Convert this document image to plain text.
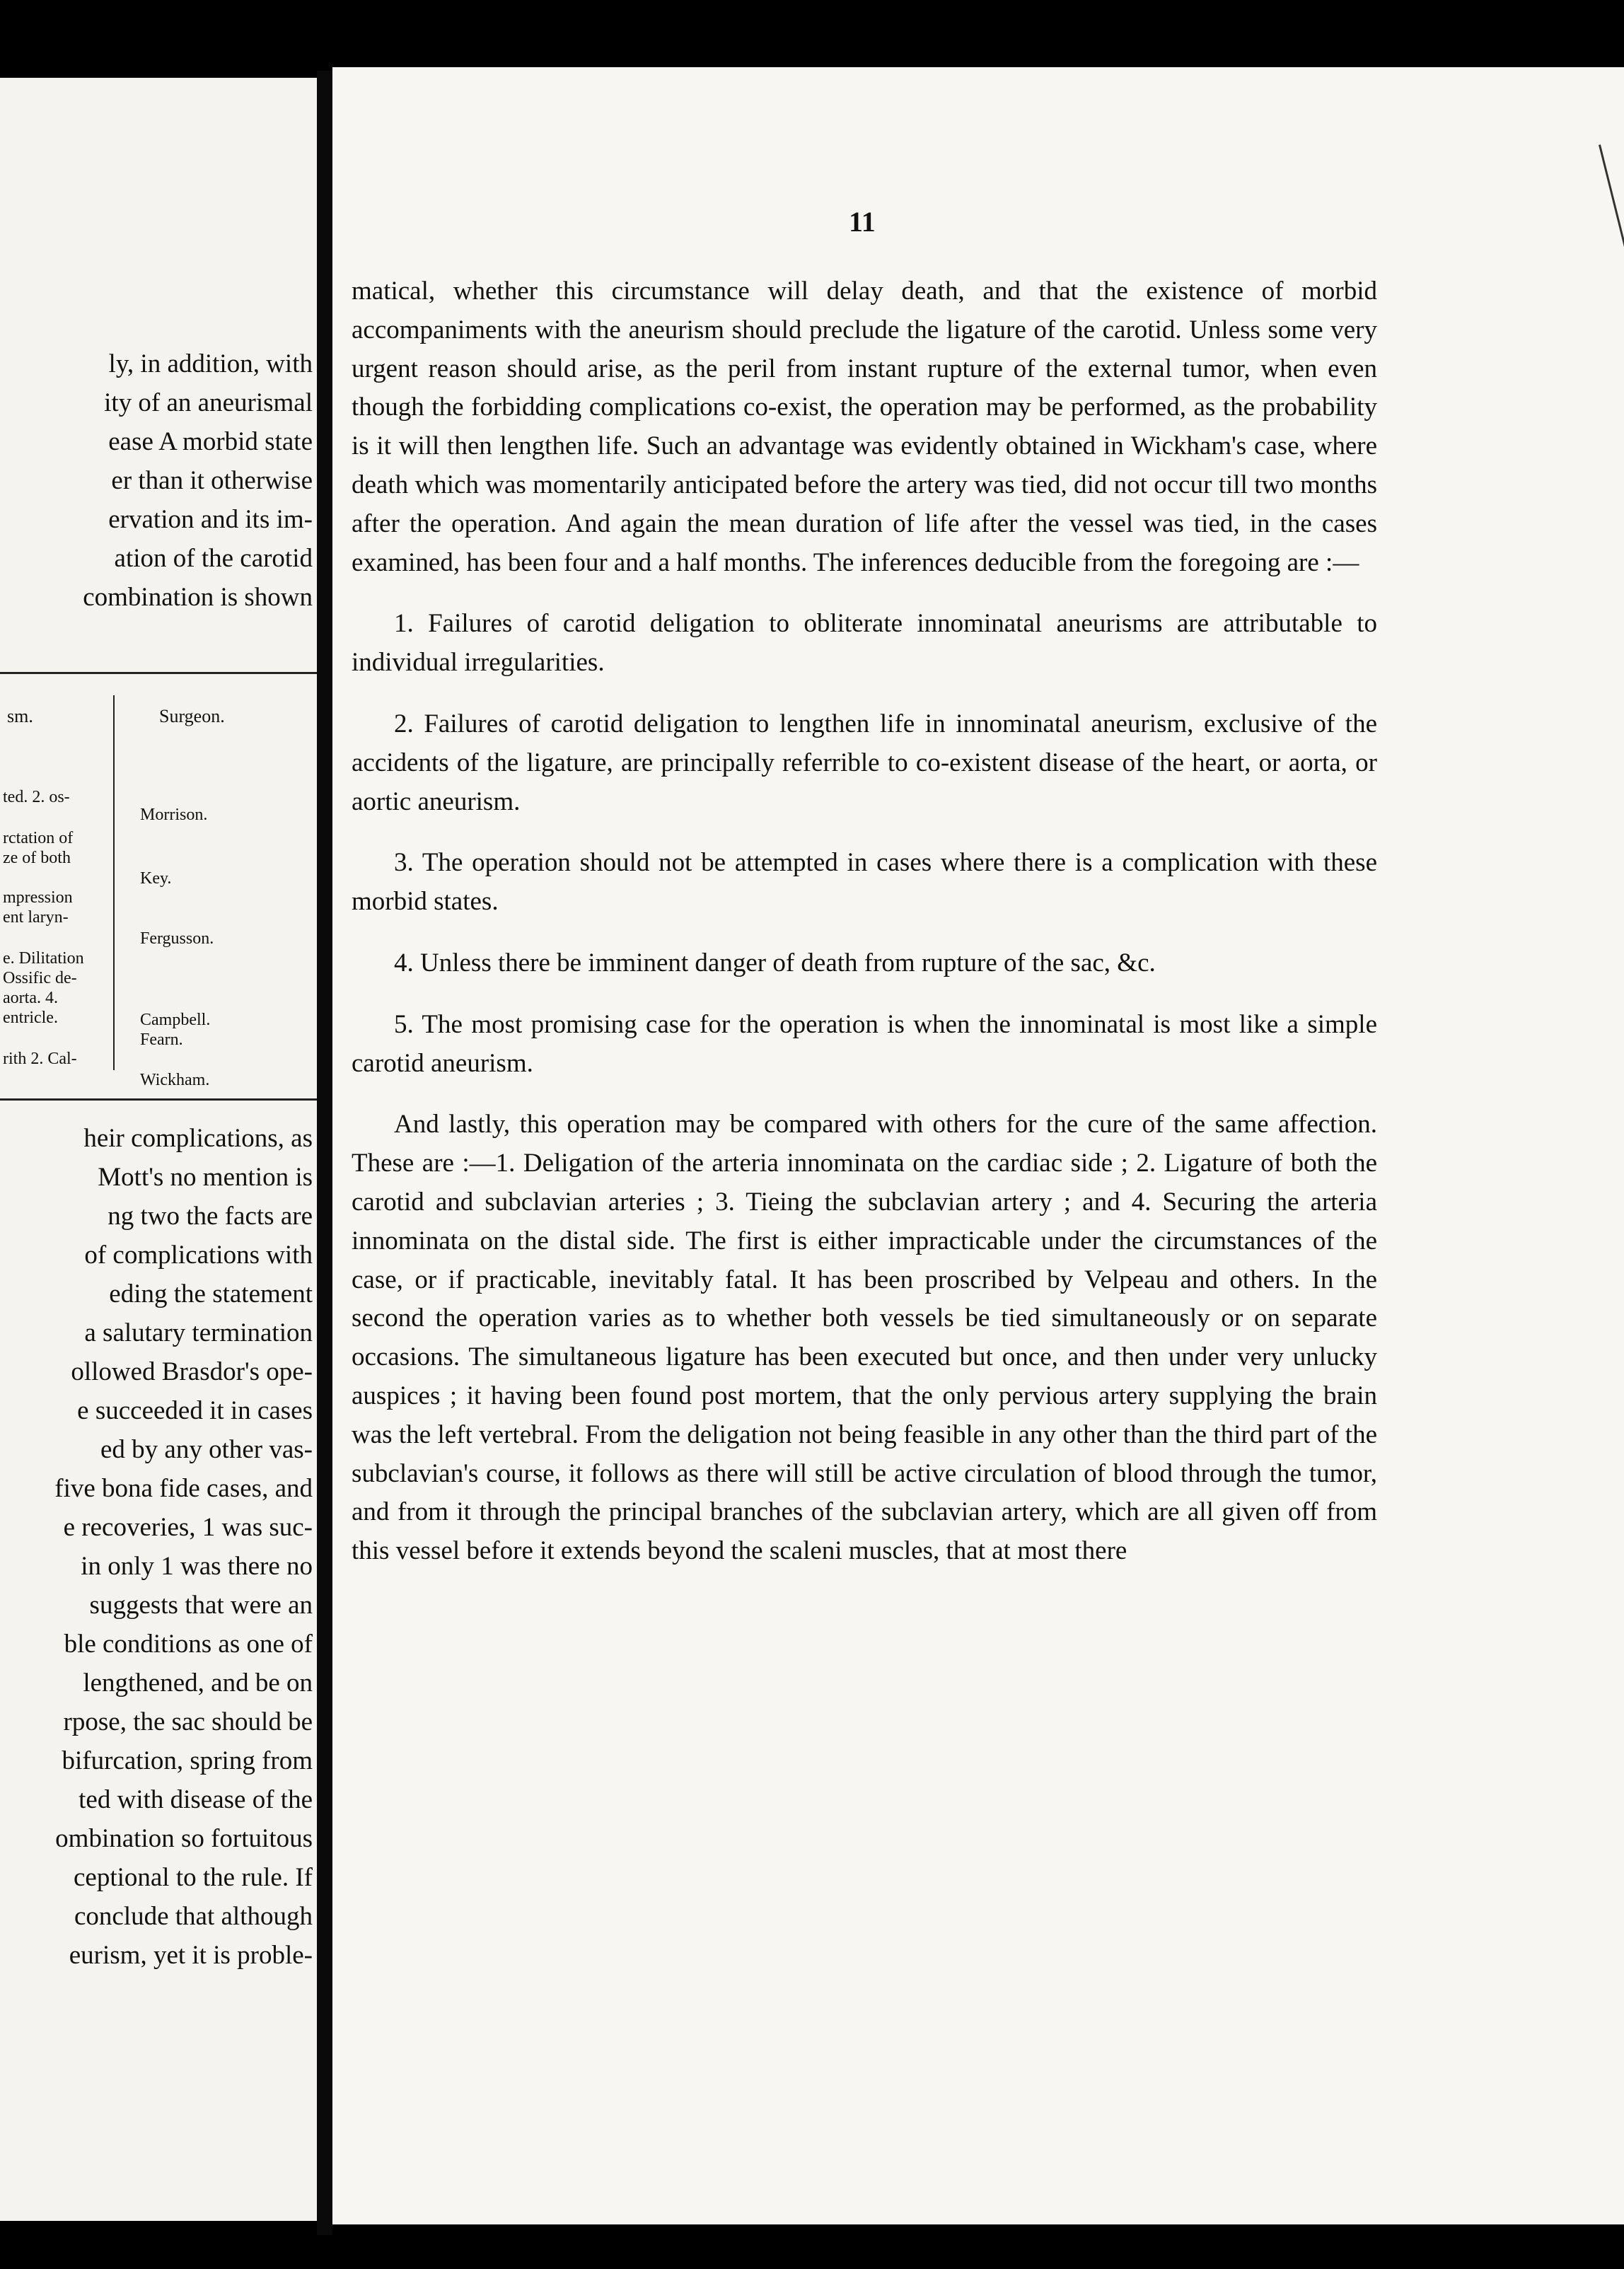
ly, in addition, with
ity of an aneurismal
ease A morbid state
er than it otherwise
ervation and its im-
ation of the carotid
combination is shown
sm.	Surgeon.
ted. 2. os-
rctation of
ze of both
mpression
ent laryn-
e. Dilitation
Ossific de-
aorta. 4.
entricle.
rith 2. Cal-
Morrison.
Key.
Fergusson.
Campbell.
Fearn.
Wickham.
heir complications, as
Mott's no mention is
ng two the facts are
of complications with
eding the statement
a salutary termination
ollowed Brasdor's ope-
e succeeded it in cases
ed by any other vas-
five bona fide cases, and
e recoveries, 1 was suc-
in only 1 was there no
suggests that were an
ble conditions as one of
lengthened, and be on
rpose, the sac should be
bifurcation, spring from
ted with disease of the
ombination so fortuitous
ceptional to the rule. If
conclude that although
eurism, yet it is proble-
11

matical, whether this circumstance will delay death, and that the existence of morbid accompaniments with the aneurism should preclude the ligature of the carotid. Unless some very urgent reason should arise, as the peril from instant rupture of the external tumor, when even though the forbidding complications co-exist, the operation may be performed, as the probability is it will then lengthen life. Such an advantage was evidently obtained in Wickham's case, where death which was momentarily anticipated before the artery was tied, did not occur till two months after the operation. And again the mean duration of life after the vessel was tied, in the cases examined, has been four and a half months. The inferences deducible from the foregoing are :—

1. Failures of carotid deligation to obliterate innominatal aneurisms are attributable to individual irregularities.

2. Failures of carotid deligation to lengthen life in innominatal aneurism, exclusive of the accidents of the ligature, are principally referrible to co-existent disease of the heart, or aorta, or aortic aneurism.

3. The operation should not be attempted in cases where there is a complication with these morbid states.

4. Unless there be imminent danger of death from rupture of the sac, &c.

5. The most promising case for the operation is when the innominatal is most like a simple carotid aneurism.

And lastly, this operation may be compared with others for the cure of the same affection. These are :—1. Deligation of the arteria innominata on the cardiac side ; 2. Ligature of both the carotid and subclavian arteries ; 3. Tieing the subclavian artery ; and 4. Securing the arteria innominata on the distal side. The first is either impracticable under the circumstances of the case, or if practicable, inevitably fatal. It has been proscribed by Velpeau and others. In the second the operation varies as to whether both vessels be tied simultaneously or on separate occasions. The simultaneous ligature has been executed but once, and then under very unlucky auspices ; it having been found post mortem, that the only pervious artery supplying the brain was the left vertebral. From the deligation not being feasible in any other than the third part of the subclavian's course, it follows as there will still be active circulation of blood through the tumor, and from it through the principal branches of the subclavian artery, which are all given off from this vessel before it extends beyond the scaleni muscles, that at most there
